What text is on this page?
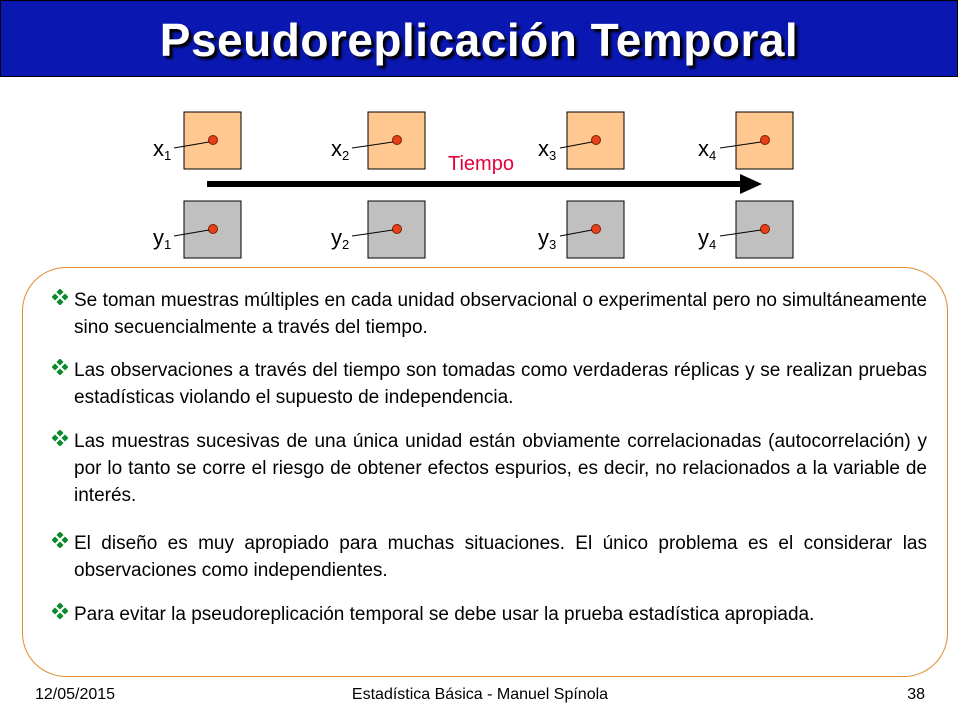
Pseudoreplicación Temporal
$x_1$	$x_2$	$x_3$	$x_4$
$y_1$	$y_2$	$y_3$	$y_4$
Tiempo
Se toman muestras múltiples en cada unidad observacional o experimental pero no simultáneamente sino secuencialmente a través del tiempo.
Las observaciones a través del tiempo son tomadas como verdaderas réplicas y se realizan pruebas estadísticas violando el supuesto de independencia.
Las muestras sucesivas de una única unidad están obviamente correlacionadas (autocorrelación) y por lo tanto se corre el riesgo de obtener efectos espurios, es decir, no relacionados a la variable de interés.
El diseño es muy apropiado para muchas situaciones. El único problema es el considerar las observaciones como independientes.
Para evitar la pseudoreplicación temporal se debe usar la prueba estadística apropiada.
12/05/2015	Estadística Básica - Manuel Spínola	38
